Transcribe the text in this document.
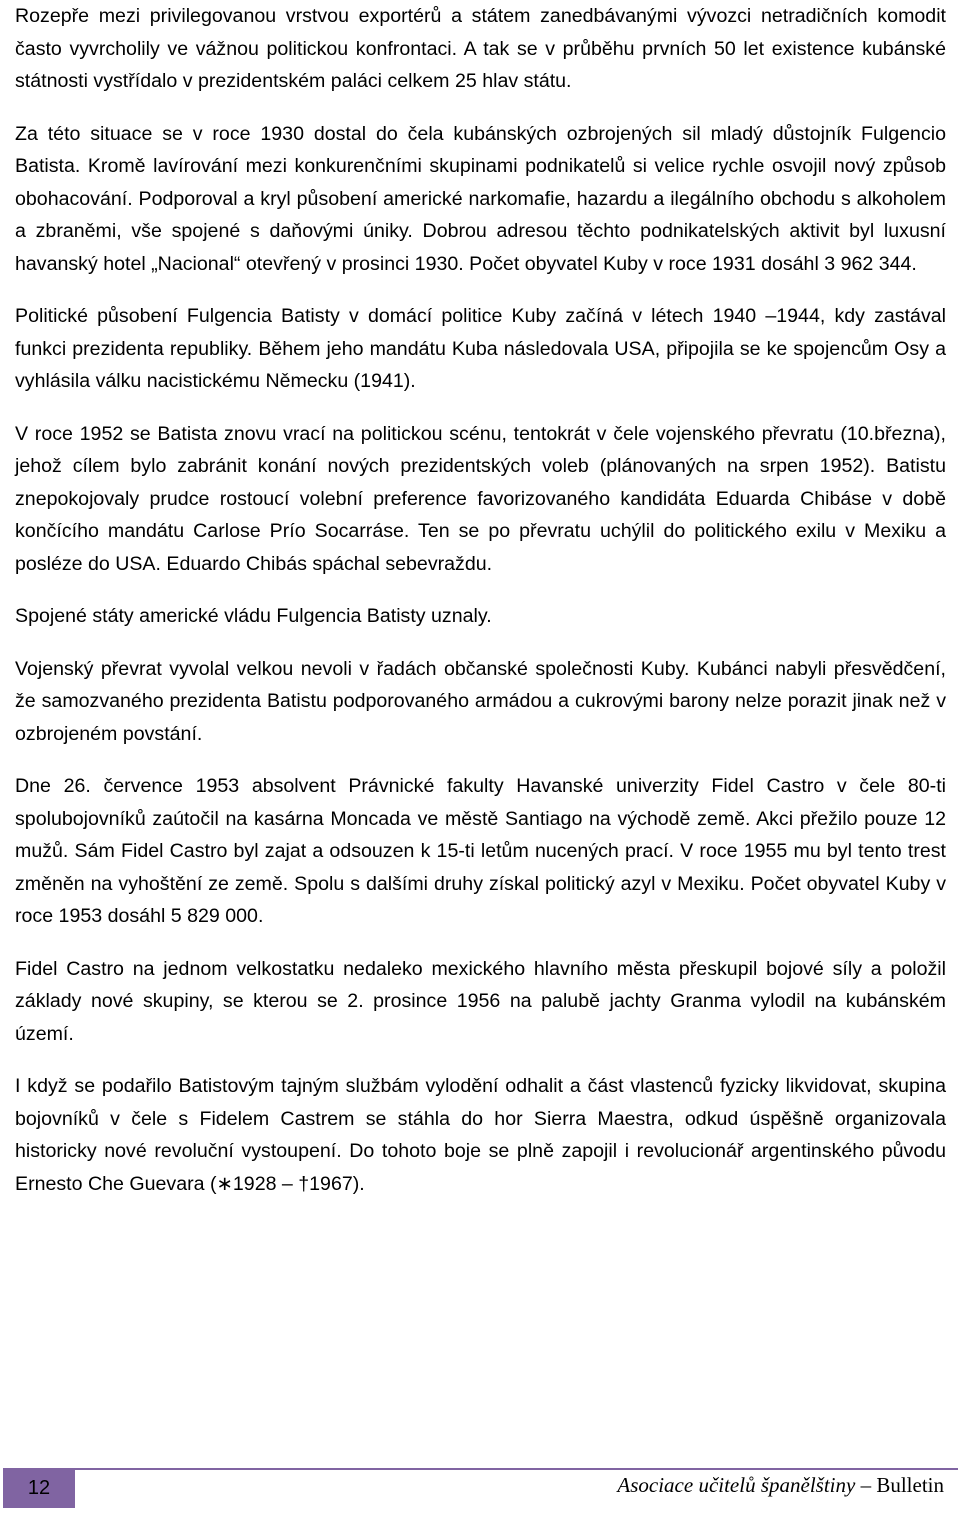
Rozepře mezi privilegovanou vrstvou exportérů a státem zanedbávanými vývozci netradičních komodit často vyvrcholily ve vážnou politickou konfrontaci. A tak se v průběhu prvních 50 let existence kubánské státnosti vystřídalo v prezidentském paláci celkem 25 hlav státu.

Za této situace se v roce 1930 dostal do čela kubánských ozbrojených sil mladý důstojník Fulgencio Batista. Kromě lavírování mezi konkurenčními skupinami podnikatelů si velice rychle osvojil nový způsob obohacování. Podporoval a kryl působení americké narkomafie, hazardu a ilegálního obchodu s alkoholem a zbraněmi, vše spojené s daňovými úniky. Dobrou adresou těchto podnikatelských aktivit byl luxusní havanský hotel „Nacional“ otevřený v prosinci 1930. Počet obyvatel Kuby v roce 1931 dosáhl 3 962 344.

Politické působení Fulgencia Batisty v domácí politice Kuby začíná v létech 1940 –1944, kdy zastával funkci prezidenta republiky. Během jeho mandátu Kuba následovala USA, připojila se ke spojencům Osy a vyhlásila válku nacistickému Německu (1941).

V roce 1952 se Batista znovu vrací na politickou scénu, tentokrát v čele vojenského převratu (10.března), jehož cílem bylo zabránit konání nových prezidentských voleb (plánovaných na srpen 1952). Batistu znepokojovaly prudce rostoucí volební preference favorizovaného kandidáta Eduarda Chibáse v době končícího mandátu Carlose Prío Socarráse. Ten se po převratu uchýlil do politického exilu v Mexiku a posléze do USA. Eduardo Chibás spáchal sebevraždu.

Spojené státy americké vládu Fulgencia Batisty uznaly.

Vojenský převrat vyvolal velkou nevoli v řadách občanské společnosti Kuby. Kubánci nabyli přesvědčení, že samozvaného prezidenta Batistu podporovaného armádou a cukrovými barony nelze porazit jinak než v ozbrojeném povstání.

Dne 26. července 1953 absolvent Právnické fakulty Havanské univerzity Fidel Castro v čele 80-ti spolubojovníků zaútočil na kasárna Moncada ve městě Santiago na východě země. Akci přežilo pouze 12 mužů. Sám Fidel Castro byl zajat a odsouzen k 15-ti letům nucených prací. V roce 1955 mu byl tento trest změněn na vyhoštění ze země. Spolu s dalšími druhy získal politický azyl v Mexiku. Počet obyvatel Kuby v roce 1953 dosáhl 5 829 000.

Fidel Castro na jednom velkostatku nedaleko mexického hlavního města přeskupil bojové síly a položil základy nové skupiny, se kterou se 2. prosince 1956 na palubě jachty Granma vylodil na kubánském území.

I když se podařilo Batistovým tajným službám vylodění odhalit a část vlastenců fyzicky likvidovat, skupina bojovníků v čele s Fidelem Castrem se stáhla do hor Sierra Maestra, odkud úspěšně organizovala historicky nové revoluční vystoupení. Do tohoto boje se plně zapojil i revolucionář argentinského původu Ernesto Che Guevara (∗1928 – †1967).

12	Asociace učitelů španělštiny – Bulletin
